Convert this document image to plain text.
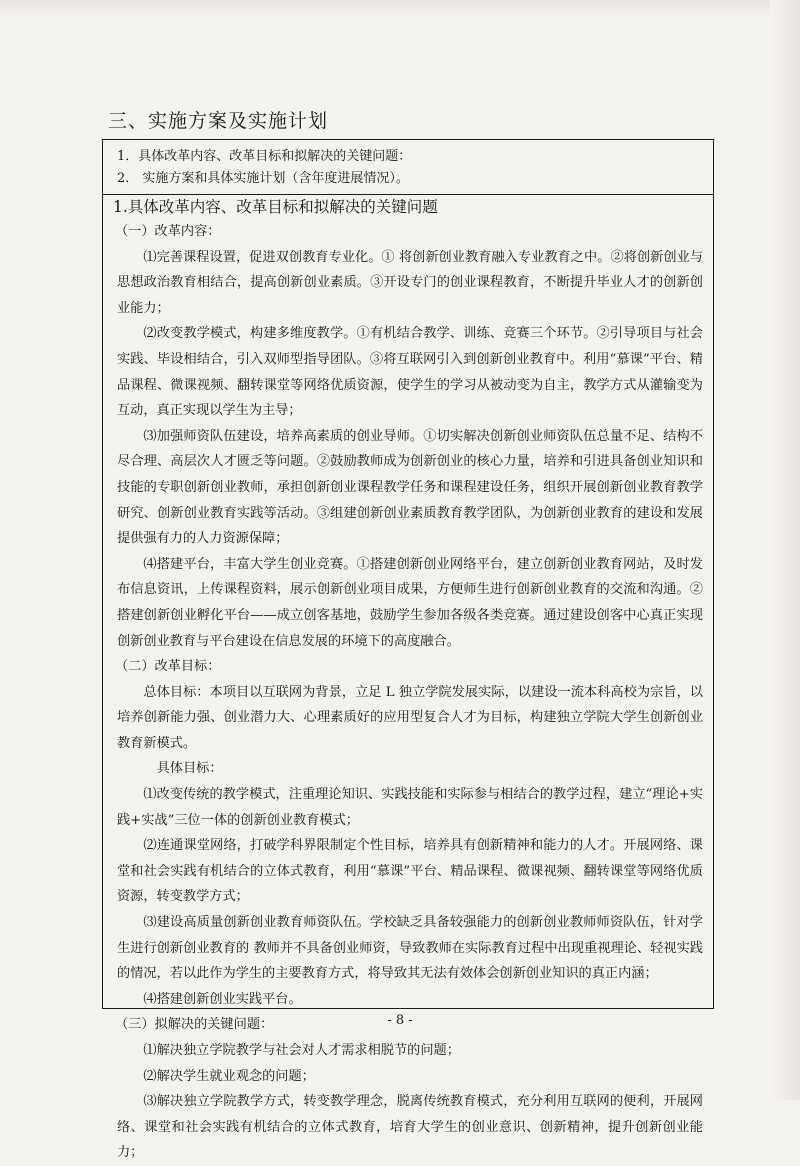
三、实施方案及实施计划
1．具体改革内容、改革目标和拟解决的关键问题：
2． 实施方案和具体实施计划（含年度进展情况）。
1.具体改革内容、改革目标和拟解决的关键问题
（一）改革内容：

⑴完善课程设置，促进双创教育专业化。① 将创新创业教育融入专业教育之中。②将创新创业与思想政治教育相结合，提高创新创业素质。③开设专门的创业课程教育，不断提升毕业人才的创新创业能力；

⑵改变教学模式，构建多维度教学。①有机结合教学、训练、竞赛三个环节。②引导项目与社会实践、毕设相结合，引入双师型指导团队。③将互联网引入到创新创业教育中。利用“慕课”平台、精品课程、微课视频、翻转课堂等网络优质资源，使学生的学习从被动变为自主，教学方式从灌输变为互动，真正实现以学生为主导；

⑶加强师资队伍建设，培养高素质的创业导师。①切实解决创新创业师资队伍总量不足、结构不尽合理、高层次人才匮乏等问题。②鼓励教师成为创新创业的核心力量，培养和引进具备创业知识和技能的专职创新创业教师，承担创新创业课程教学任务和课程建设任务，组织开展创新创业教育教学研究、创新创业教育实践等活动。③组建创新创业素质教育教学团队，为创新创业教育的建设和发展提供强有力的人力资源保障；

⑷搭建平台，丰富大学生创业竞赛。①搭建创新创业网络平台，建立创新创业教育网站，及时发布信息资讯，上传课程资料，展示创新创业项目成果，方便师生进行创新创业教育的交流和沟通。②搭建创新创业孵化平台——成立创客基地，鼓励学生参加各级各类竞赛。通过建设创客中心真正实现创新创业教育与平台建设在信息发展的环境下的高度融合。

（二）改革目标：

总体目标：本项目以互联网为背景，立足 L 独立学院发展实际，以建设一流本科高校为宗旨，以培养创新能力强、创业潜力大、心理素质好的应用型复合人才为目标，构建独立学院大学生创新创业教育新模式。

具体目标：

⑴改变传统的教学模式，注重理论知识、实践技能和实际参与相结合的教学过程，建立“理论+实践+实战”三位一体的创新创业教育模式；

⑵连通课堂网络，打破学科界限制定个性目标，培养具有创新精神和能力的人才。开展网络、课堂和社会实践有机结合的立体式教育，利用“慕课”平台、精品课程、微课视频、翻转课堂等网络优质资源，转变教学方式；

⑶建设高质量创新创业教育师资队伍。学校缺乏具备较强能力的创新创业教师师资队伍，针对学生进行创新创业教育的 教师并不具备创业师资，导致教师在实际教育过程中出现重视理论、轻视实践的情况，若以此作为学生的主要教育方式，将导致其无法有效体会创新创业知识的真正内涵；

⑷搭建创新创业实践平台。

（三）拟解决的关键问题：

⑴解决独立学院教学与社会对人才需求相脱节的问题；

⑵解决学生就业观念的问题；

⑶解决独立学院教学方式，转变教学理念，脱离传统教育模式，充分利用互联网的便利，开展网络、课堂和社会实践有机结合的立体式教育，培育大学生的创业意识、创新精神，提升创新创业能力；

- 8 -
